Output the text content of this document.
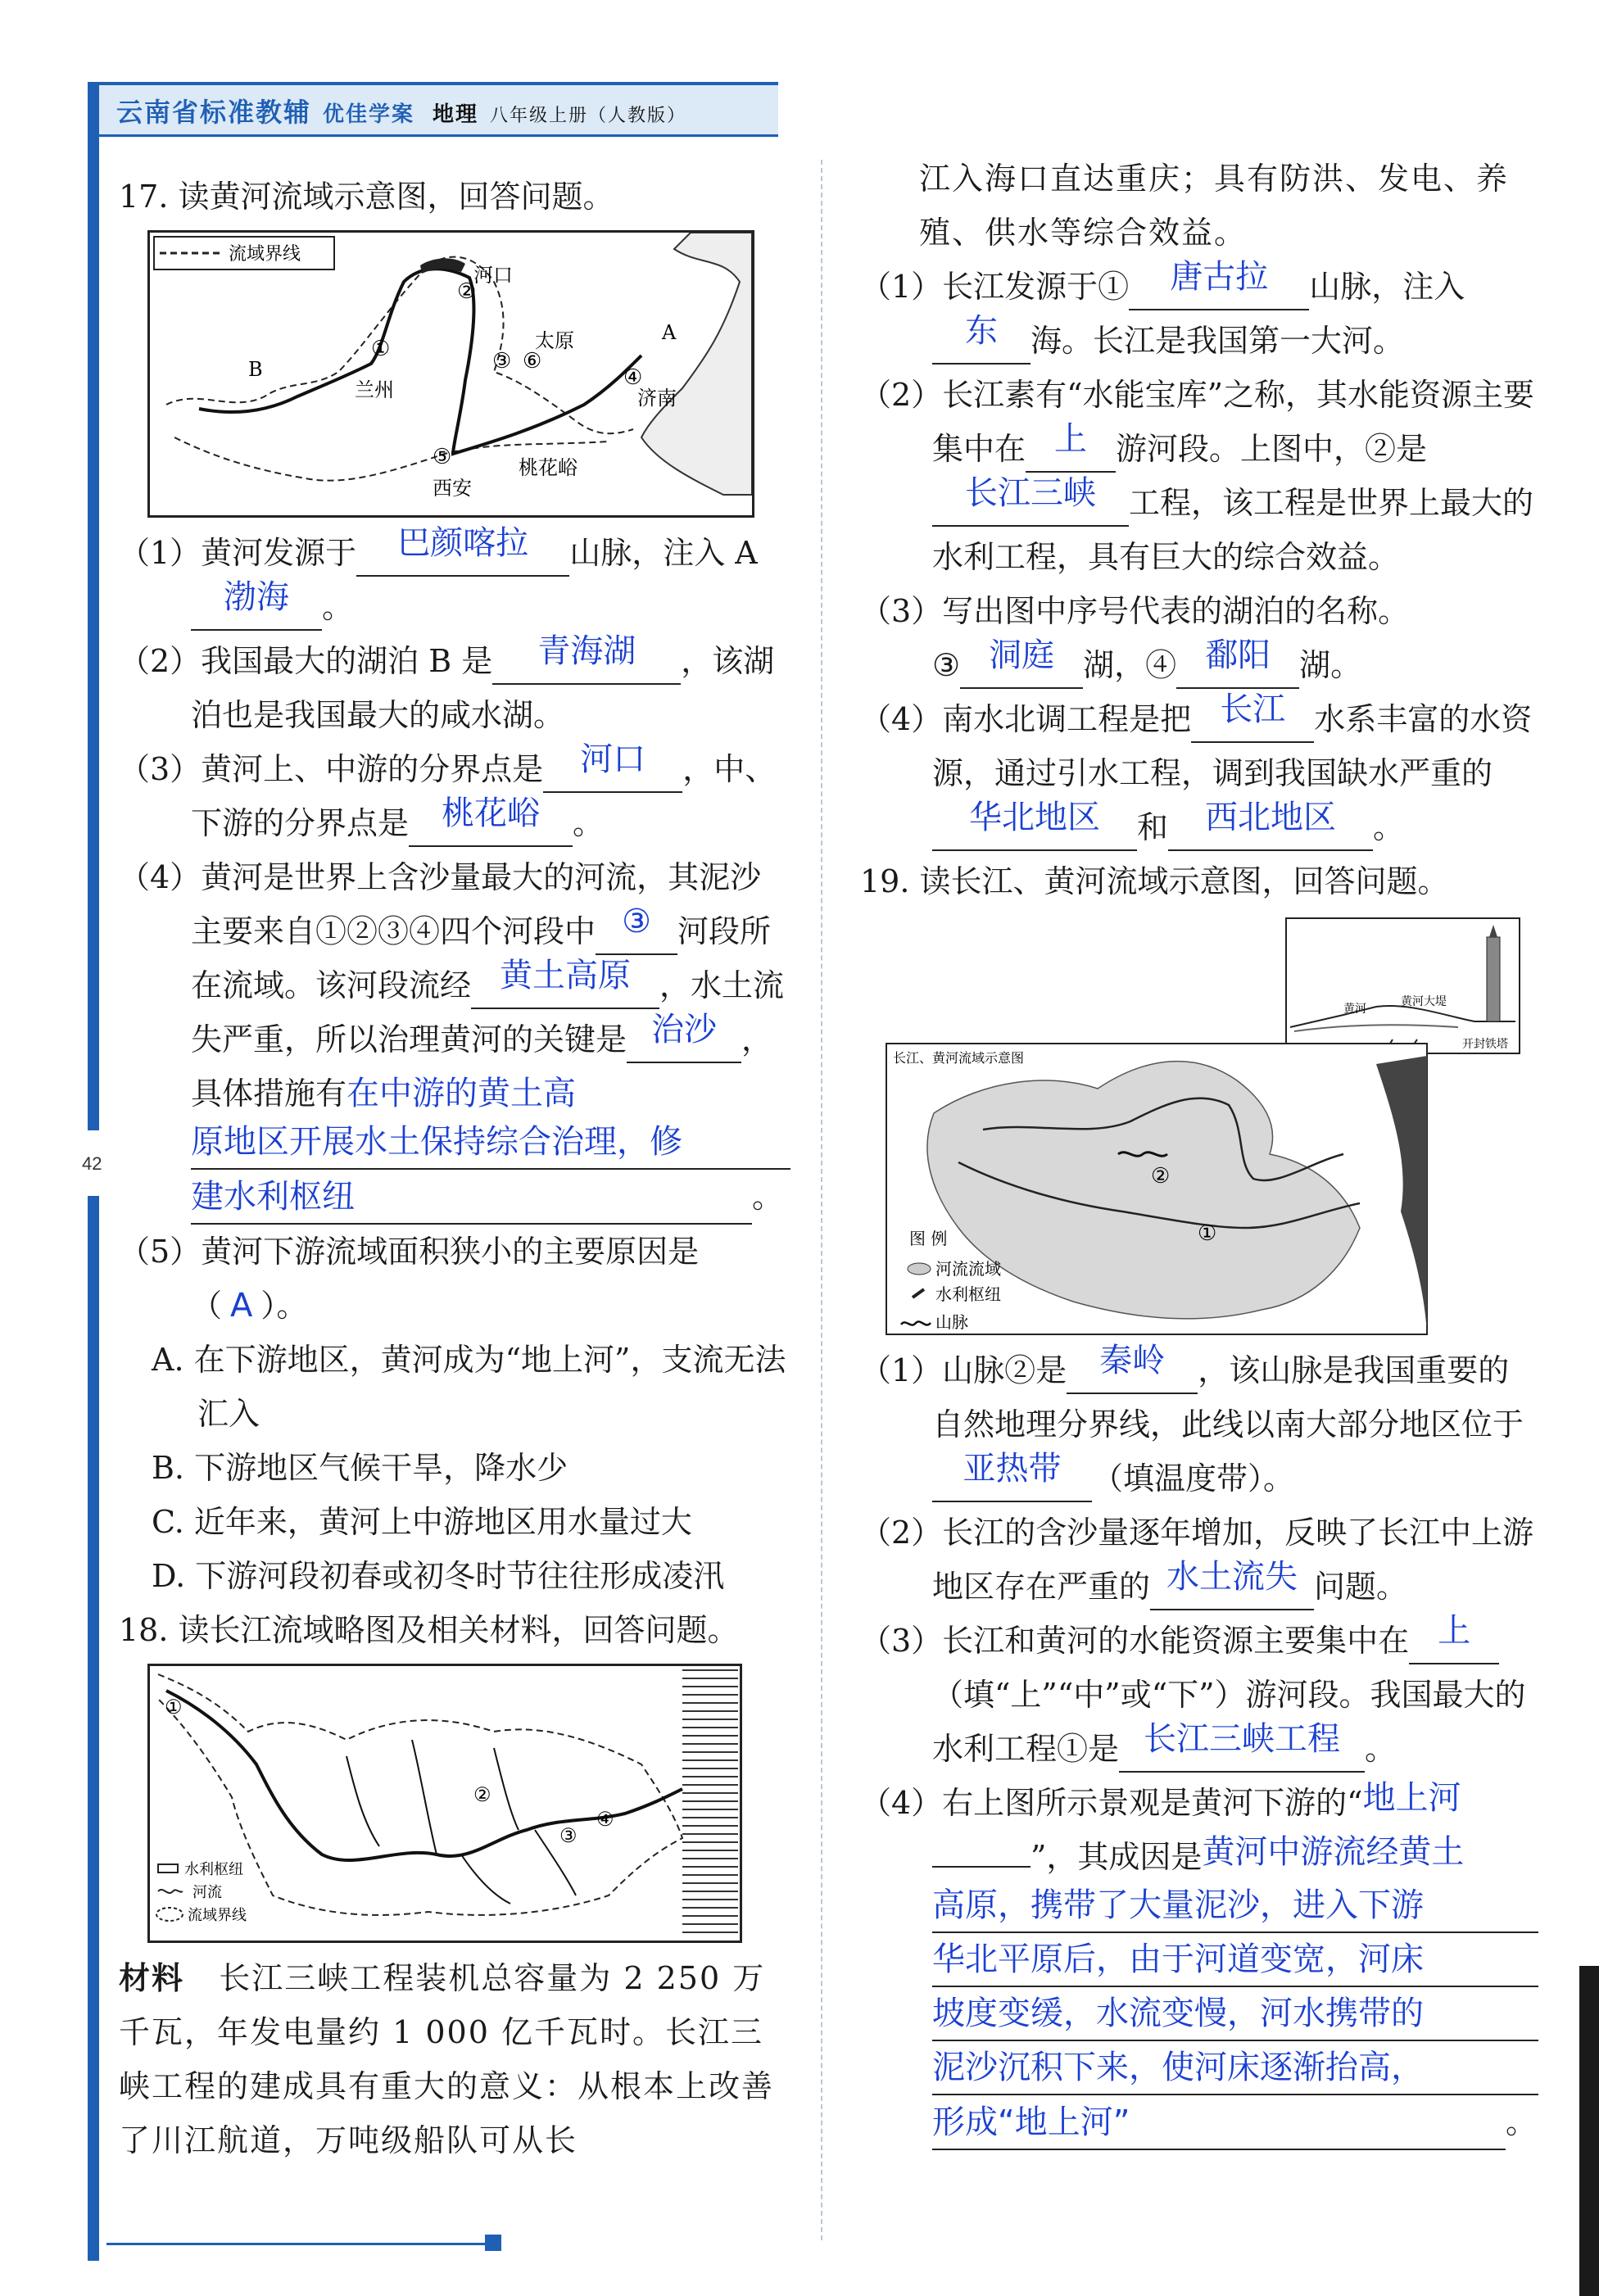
云南省标准教辅 优佳学案 地理 八年级上册（人教版）
42

17. 读黄河流域示意图，回答问题。

流域界线
河口
太原
济南
兰州
西安
桃花峪
A
B
①
②
③
④
⑤
⑥

（1）黄河发源于 巴颜喀拉 山脉，注入 A
渤海 。

（2）我国最大的湖泊 B 是 青海湖 ，该湖泊也是我国最大的咸水湖。

（3）黄河上、中游的分界点是 河口 ，中、下游的分界点是 桃花峪 。

（4）黄河是世界上含沙量最大的河流，其泥沙主要来自①②③④四个河段中 ③ 河段所在流域。该河段流经 黄土高原 ，水土流失严重，所以治理黄河的关键是 治沙 ，具体措施有在中游的黄土高

原地区开展水土保持综合治理，修
建水利枢纽	。

（5）黄河下游流域面积狭小的主要原因是（ A ）。

A. 在下游地区，黄河成为“地上河”，支流无法汇入

B. 下游地区气候干旱，降水少

C. 近年来，黄河上中游地区用水量过大

D. 下游河段初春或初冬时节往往形成凌汛

18. 读长江流域略图及相关材料，回答问题。

①
②
③
④
水利枢纽
河流
流域界线

材料 长江三峡工程装机总容量为 2 250 万千瓦，年发电量约 1 000 亿千瓦时。长江三峡工程的建成具有重大的意义：从根本上改善了川江航道，万吨级船队可从长

江入海口直达重庆；具有防洪、发电、养殖、供水等综合效益。

（1）长江发源于① 唐古拉 山脉，注入东 海。长江是我国第一大河。

（2）长江素有“水能宝库”之称，其水能资源主要集中在 上 游河段。上图中，②是长江三峡 工程，该工程是世界上最大的水利工程，具有巨大的综合效益。

（3）写出图中序号代表的湖泊的名称。
③ 洞庭 湖，④ 鄱阳 湖。

（4）南水北调工程是把 长江 水系丰富的水资源，通过引水工程，调到我国缺水严重的华北地区 和 西北地区 。

19. 读长江、黄河流域示意图，回答问题。

黄河
黄河大堤
开封铁塔
长江、黄河流域示意图
②
①
图 例
河流流域
水利枢纽
山脉

（1）山脉②是 秦岭 ，该山脉是我国重要的自然地理分界线，此线以南大部分地区位于亚热带 （填温度带）。

（2）长江的含沙量逐年增加，反映了长江中上游地区存在严重的 水土流失 问题。

（3）长江和黄河的水能资源主要集中在 上（填“上”“中”或“下”）游河段。我国最大的水利工程①是 长江三峡工程 。

（4）右上图所示景观是黄河下游的“地上河
”，其成因是黄河中游流经黄土

高原，携带了大量泥沙，进入下游
华北平原后，由于河道变宽，河床
坡度变缓，水流变慢，河水携带的
泥沙沉积下来，使河床逐渐抬高，
形成“地上河”	。
